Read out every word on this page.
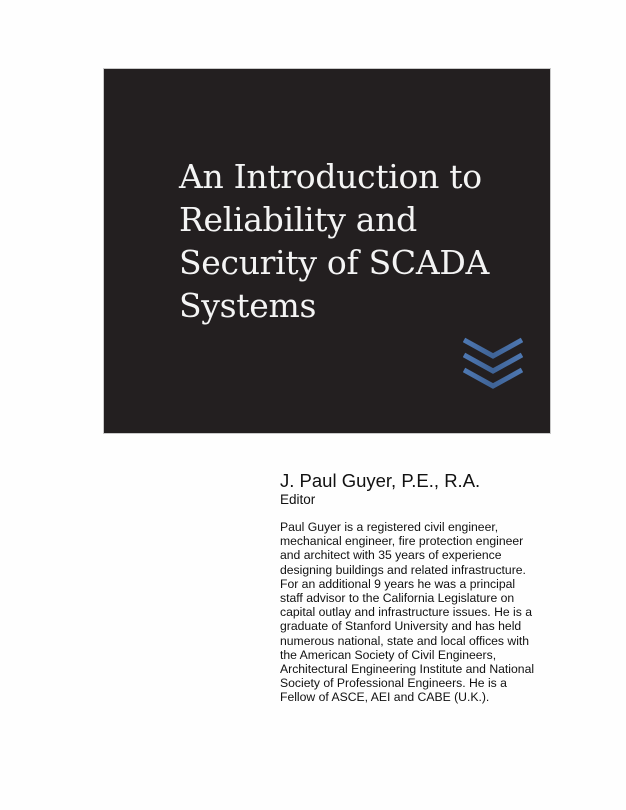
An Introduction to
Reliability and
Security of SCADA
Systems
J. Paul Guyer, P.E., R.A.
Editor
Paul Guyer is a registered civil engineer,
mechanical engineer, fire protection engineer
and architect with 35 years of experience
designing buildings and related infrastructure.
For an additional 9 years he was a principal
staff advisor to the California Legislature on
capital outlay and infrastructure issues. He is a
graduate of Stanford University and has held
numerous national, state and local offices with
the American Society of Civil Engineers,
Architectural Engineering Institute and National
Society of Professional Engineers. He is a
Fellow of ASCE, AEI and CABE (U.K.).
